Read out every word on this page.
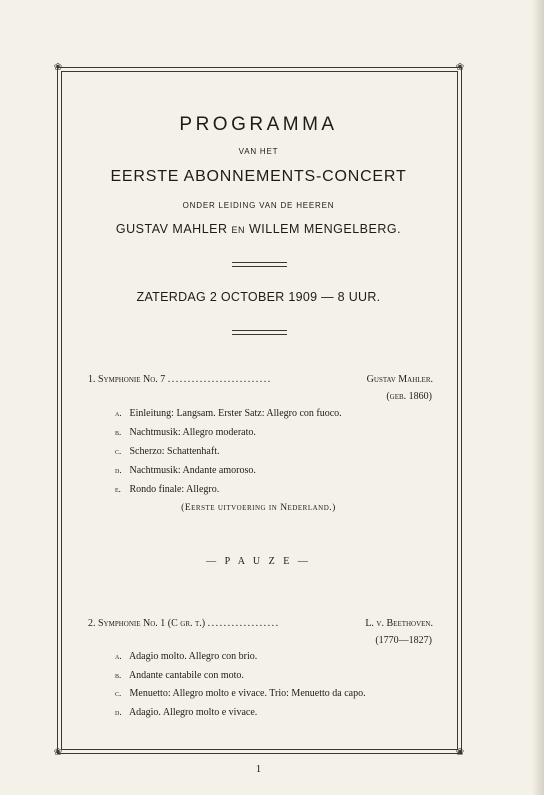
❀	❀
❀	❀
PROGRAMMA
VAN HET
EERSTE ABONNEMENTS-CONCERT
ONDER LEIDING VAN DE HEEREN
GUSTAV MAHLER EN WILLEM MENGELBERG.
ZATERDAG 2 OCTOBER 1909 — 8 UUR.
1. Symphonie No. 7 ..........................	Gustav Mahler.
(geb. 1860)
a. Einleitung: Langsam. Erster Satz: Allegro con fuoco.
b. Nachtmusik: Allegro moderato.
c. Scherzo: Schattenhaft.
d. Nachtmusik: Andante amoroso.
e. Rondo finale: Allegro.
(Eerste uitvoering in Nederland.)
— P A U Z E —
2. Symphonie No. 1 (C gr. t.) ..................	L. v. Beethoven.
(1770—1827)
a. Adagio molto. Allegro con brio.
b. Andante cantabile con moto.
c. Menuetto: Allegro molto e vivace. Trio: Menuetto da capo.
d. Adagio. Allegro molto e vivace.
1
